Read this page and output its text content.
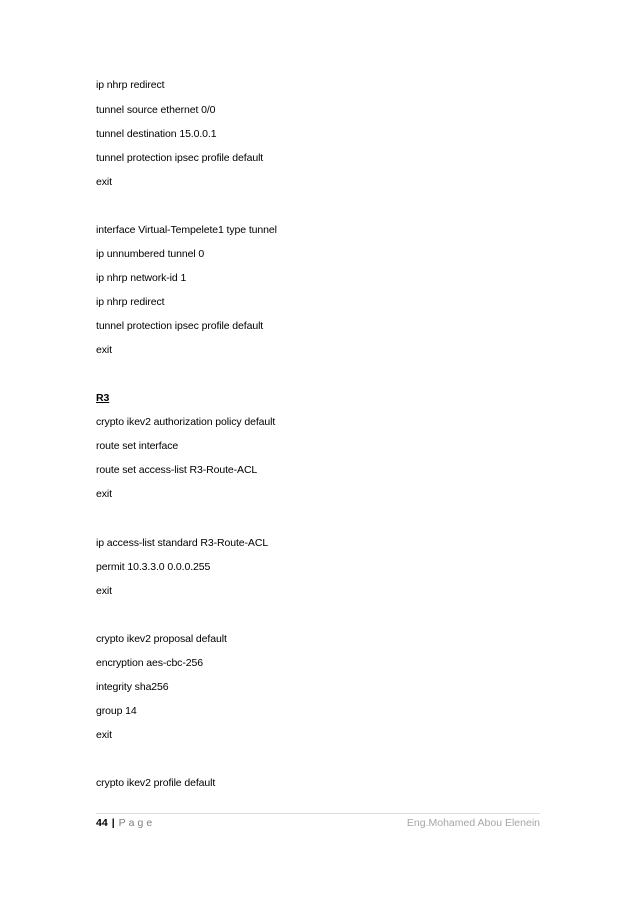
ip nhrp redirect
tunnel source ethernet 0/0
tunnel destination 15.0.0.1
tunnel protection ipsec profile default
exit
interface Virtual-Tempelete1 type tunnel
ip unnumbered tunnel 0
ip nhrp network-id 1
ip nhrp redirect
tunnel protection ipsec profile default
exit
R3
crypto ikev2 authorization policy default
route set interface
route set access-list R3-Route-ACL
exit
ip access-list standard R3-Route-ACL
permit 10.3.3.0 0.0.0.255
exit
crypto ikev2 proposal default
encryption aes-cbc-256
integrity sha256
group 14
exit
crypto ikev2 profile default
44 | Page	Eng.Mohamed Abou Elenein
